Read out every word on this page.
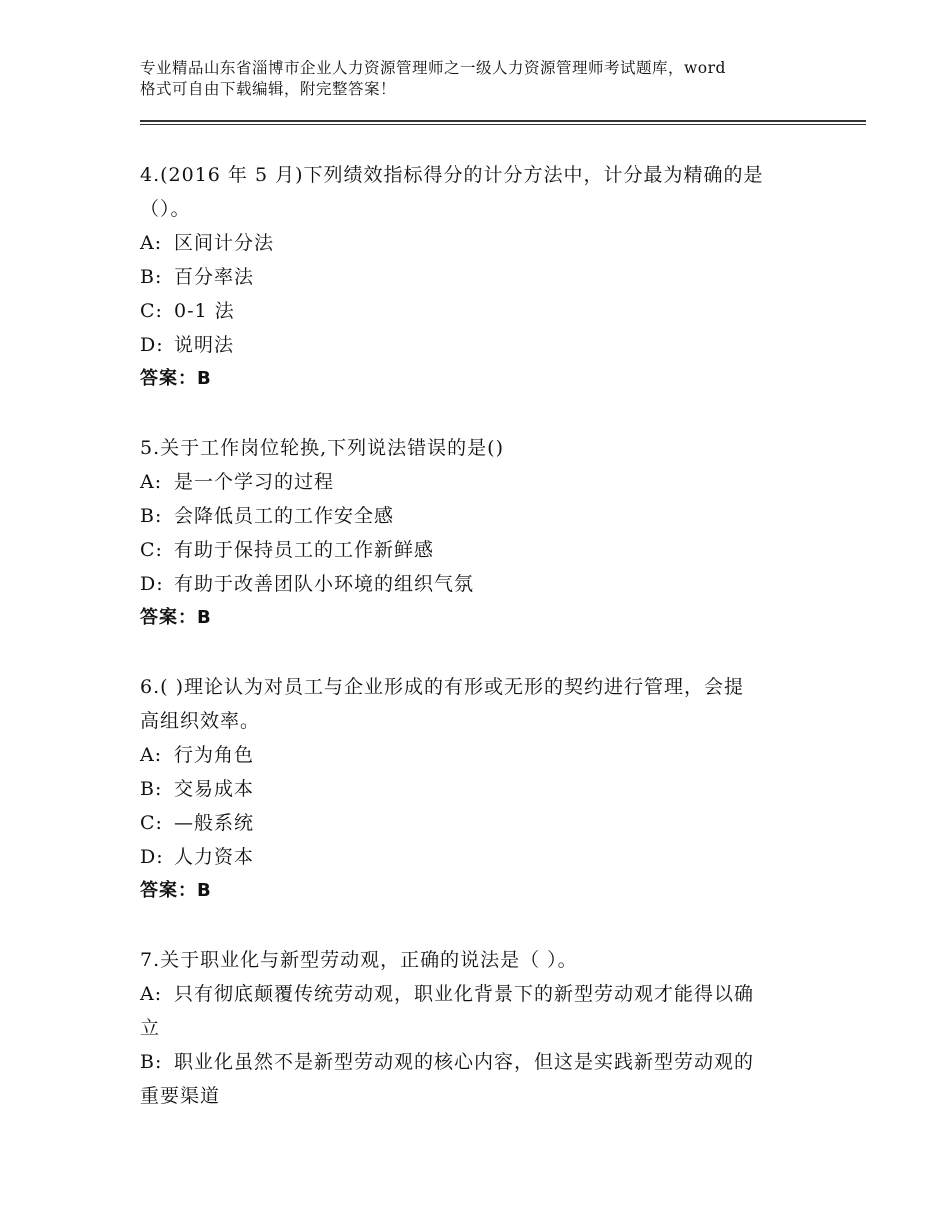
专业精品山东省淄博市企业人力资源管理师之一级人力资源管理师考试题库，word
格式可自由下载编辑，附完整答案！

4.(2016 年 5 月)下列绩效指标得分的计分方法中，计分最为精确的是
（）。

A: 区间计分法

B: 百分率法

C: 0-1 法

D: 说明法

答案：B

5.关于工作岗位轮换,下列说法错误的是()

A: 是一个学习的过程

B: 会降低员工的工作安全感

C: 有助于保持员工的工作新鲜感

D: 有助于改善团队小环境的组织气氛

答案：B

6.( )理论认为对员工与企业形成的有形或无形的契约进行管理，会提
高组织效率。

A: 行为角色

B: 交易成本

C: —般系统

D: 人力资本

答案：B

7.关于职业化与新型劳动观，正确的说法是（ ）。

A: 只有彻底颠覆传统劳动观，职业化背景下的新型劳动观才能得以确
立

B: 职业化虽然不是新型劳动观的核心内容，但这是实践新型劳动观的
重要渠道
